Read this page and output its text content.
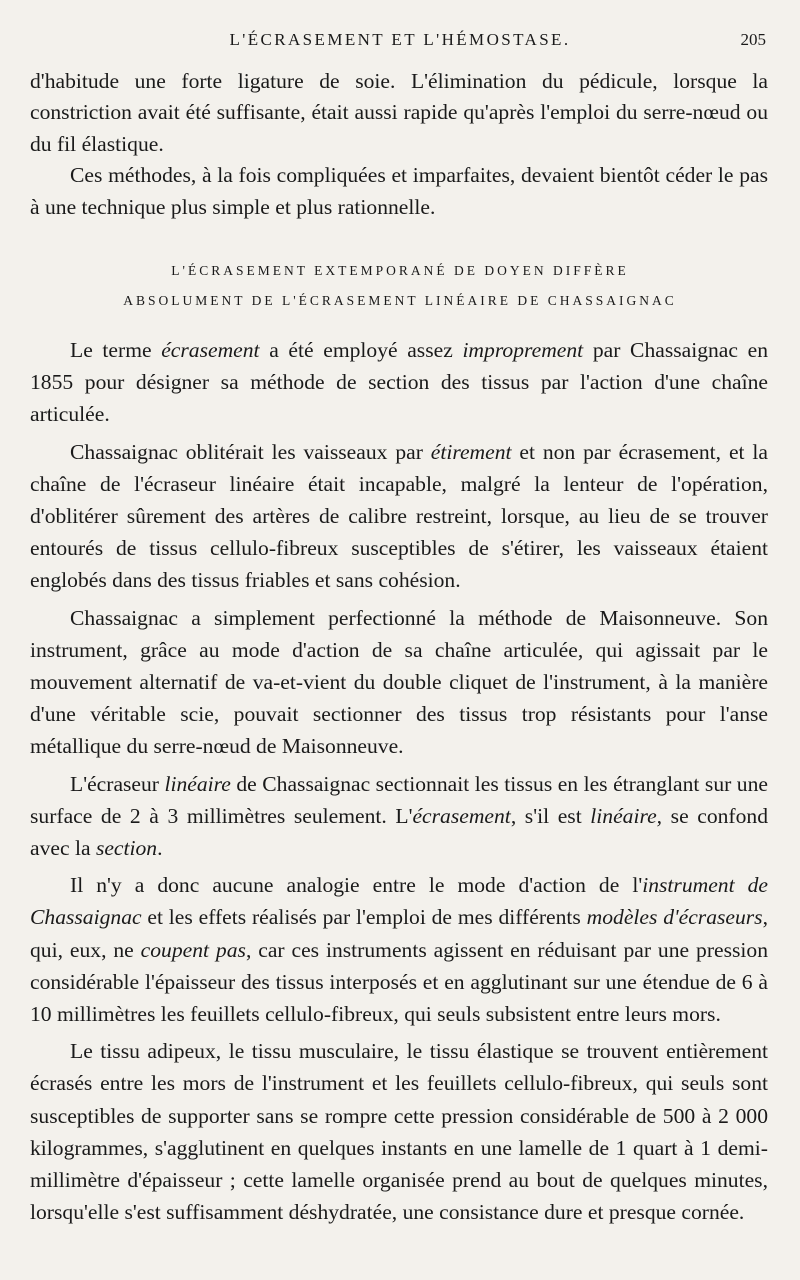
L'ÉCRASEMENT ET L'HÉMOSTASE.	205

d'habitude une forte ligature de soie. L'élimination du pédicule, lorsque la constriction avait été suffisante, était aussi rapide qu'après l'emploi du serre-nœud ou du fil élastique.

Ces méthodes, à la fois compliquées et imparfaites, devaient bientôt céder le pas à une technique plus simple et plus rationnelle.

L'ÉCRASEMENT EXTEMPORANÉ DE DOYEN DIFFÈRE
ABSOLUMENT DE L'ÉCRASEMENT LINÉAIRE DE CHASSAIGNAC

Le terme écrasement a été employé assez improprement par Chassaignac en 1855 pour désigner sa méthode de section des tissus par l'action d'une chaîne articulée.

Chassaignac oblitérait les vaisseaux par étirement et non par écrasement, et la chaîne de l'écraseur linéaire était incapable, malgré la lenteur de l'opération, d'oblitérer sûrement des artères de calibre restreint, lorsque, au lieu de se trouver entourés de tissus cellulo-fibreux susceptibles de s'étirer, les vaisseaux étaient englobés dans des tissus friables et sans cohésion.

Chassaignac a simplement perfectionné la méthode de Maisonneuve. Son instrument, grâce au mode d'action de sa chaîne articulée, qui agissait par le mouvement alternatif de va-et-vient du double cliquet de l'instrument, à la manière d'une véritable scie, pouvait sectionner des tissus trop résistants pour l'anse métallique du serre-nœud de Maisonneuve.

L'écraseur linéaire de Chassaignac sectionnait les tissus en les étranglant sur une surface de 2 à 3 millimètres seulement. L'écrasement, s'il est linéaire, se confond avec la section.

Il n'y a donc aucune analogie entre le mode d'action de l'instrument de Chassaignac et les effets réalisés par l'emploi de mes différents modèles d'écraseurs, qui, eux, ne coupent pas, car ces instruments agissent en réduisant par une pression considérable l'épaisseur des tissus interposés et en agglutinant sur une étendue de 6 à 10 millimètres les feuillets cellulo-fibreux, qui seuls subsistent entre leurs mors.

Le tissu adipeux, le tissu musculaire, le tissu élastique se trouvent entièrement écrasés entre les mors de l'instrument et les feuillets cellulo-fibreux, qui seuls sont susceptibles de supporter sans se rompre cette pression considérable de 500 à 2 000 kilogrammes, s'agglutinent en quelques instants en une lamelle de 1 quart à 1 demi-millimètre d'épaisseur ; cette lamelle organisée prend au bout de quelques minutes, lorsqu'elle s'est suffisamment déshydratée, une consistance dure et presque cornée.
